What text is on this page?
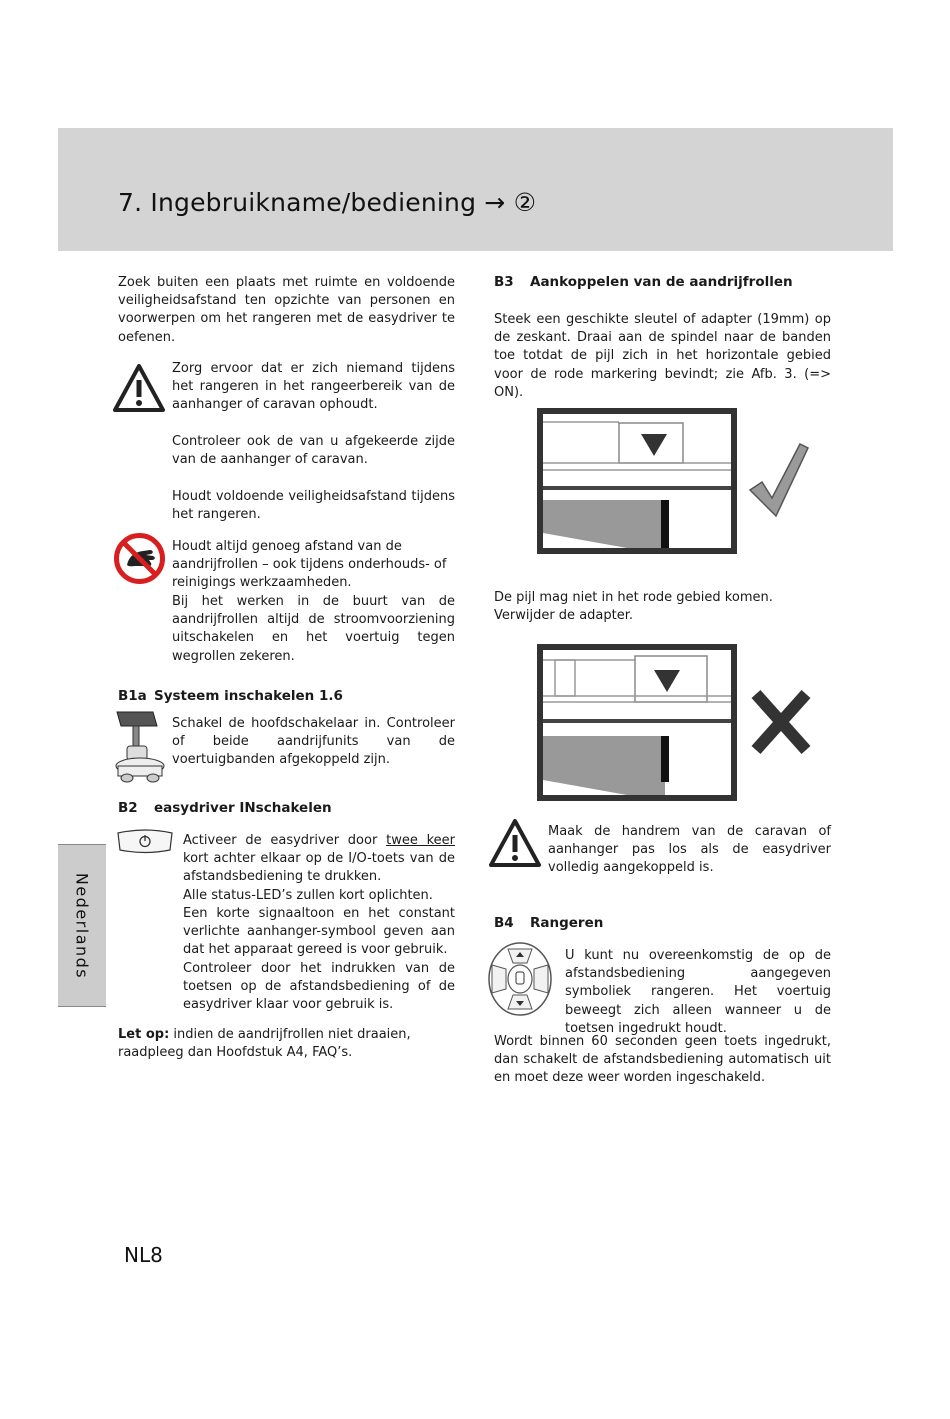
7. Ingebruikname/bediening → ②

Zoek buiten een plaats met ruimte en voldoende veiligheidsafstand ten opzichte van personen en voorwerpen om het rangeren met de easydriver te oefenen.

Zorg ervoor dat er zich niemand tijdens het rangeren in het rangeerbereik van de aanhanger of caravan ophoudt.

Controleer ook de van u afgekeerde zijde van de aanhanger of caravan.

Houdt voldoende veiligheidsafstand tijdens het rangeren.

Houdt altijd genoeg afstand van de aandrijfrollen – ook tijdens onderhouds- of reinigings werkzaamheden.

Bij het werken in de buurt van de aandrijfrollen altijd de stroomvoorziening uitschakelen en het voertuig tegen wegrollen zekeren.

B1a Systeem inschakelen 1.6

Schakel de hoofdschakelaar in. Controleer of beide aandrijfunits van de voertuigbanden afgekoppeld zijn.

B2 easydriver INschakelen

Activeer de easydriver door twee keer kort achter elkaar op de I/O-toets van de afstandsbediening te drukken.

Alle status-LED’s zullen kort oplichten.

Een korte signaaltoon en het constant verlichte aanhanger-symbool geven aan dat het apparaat gereed is voor gebruik.

Controleer door het indrukken van de toetsen op de afstandsbediening of de easydriver klaar voor gebruik is.

Let op: indien de aandrijfrollen niet draaien, raadpleeg dan Hoofdstuk A4, FAQ’s.

B3 Aankoppelen van de aandrijfrollen

Steek een geschikte sleutel of adapter (19mm) op de zeskant. Draai aan de spindel naar de banden toe totdat de pijl zich in het horizontale gebied voor de rode markering bevindt; zie Afb. 3. (=> ON).

De pijl mag niet in het rode gebied komen. Verwijder de adapter.

Maak de handrem van de caravan of aanhanger pas los als de easydriver volledig aangekoppeld is.

B4 Rangeren

U kunt nu overeenkomstig de op de afstandsbediening aangegeven symboliek rangeren. Het voertuig beweegt zich alleen wanneer u de toetsen ingedrukt houdt.

Wordt binnen 60 seconden geen toets ingedrukt, dan schakelt de afstandsbediening automatisch uit en moet deze weer worden ingeschakeld.

Nederlands
NL8
